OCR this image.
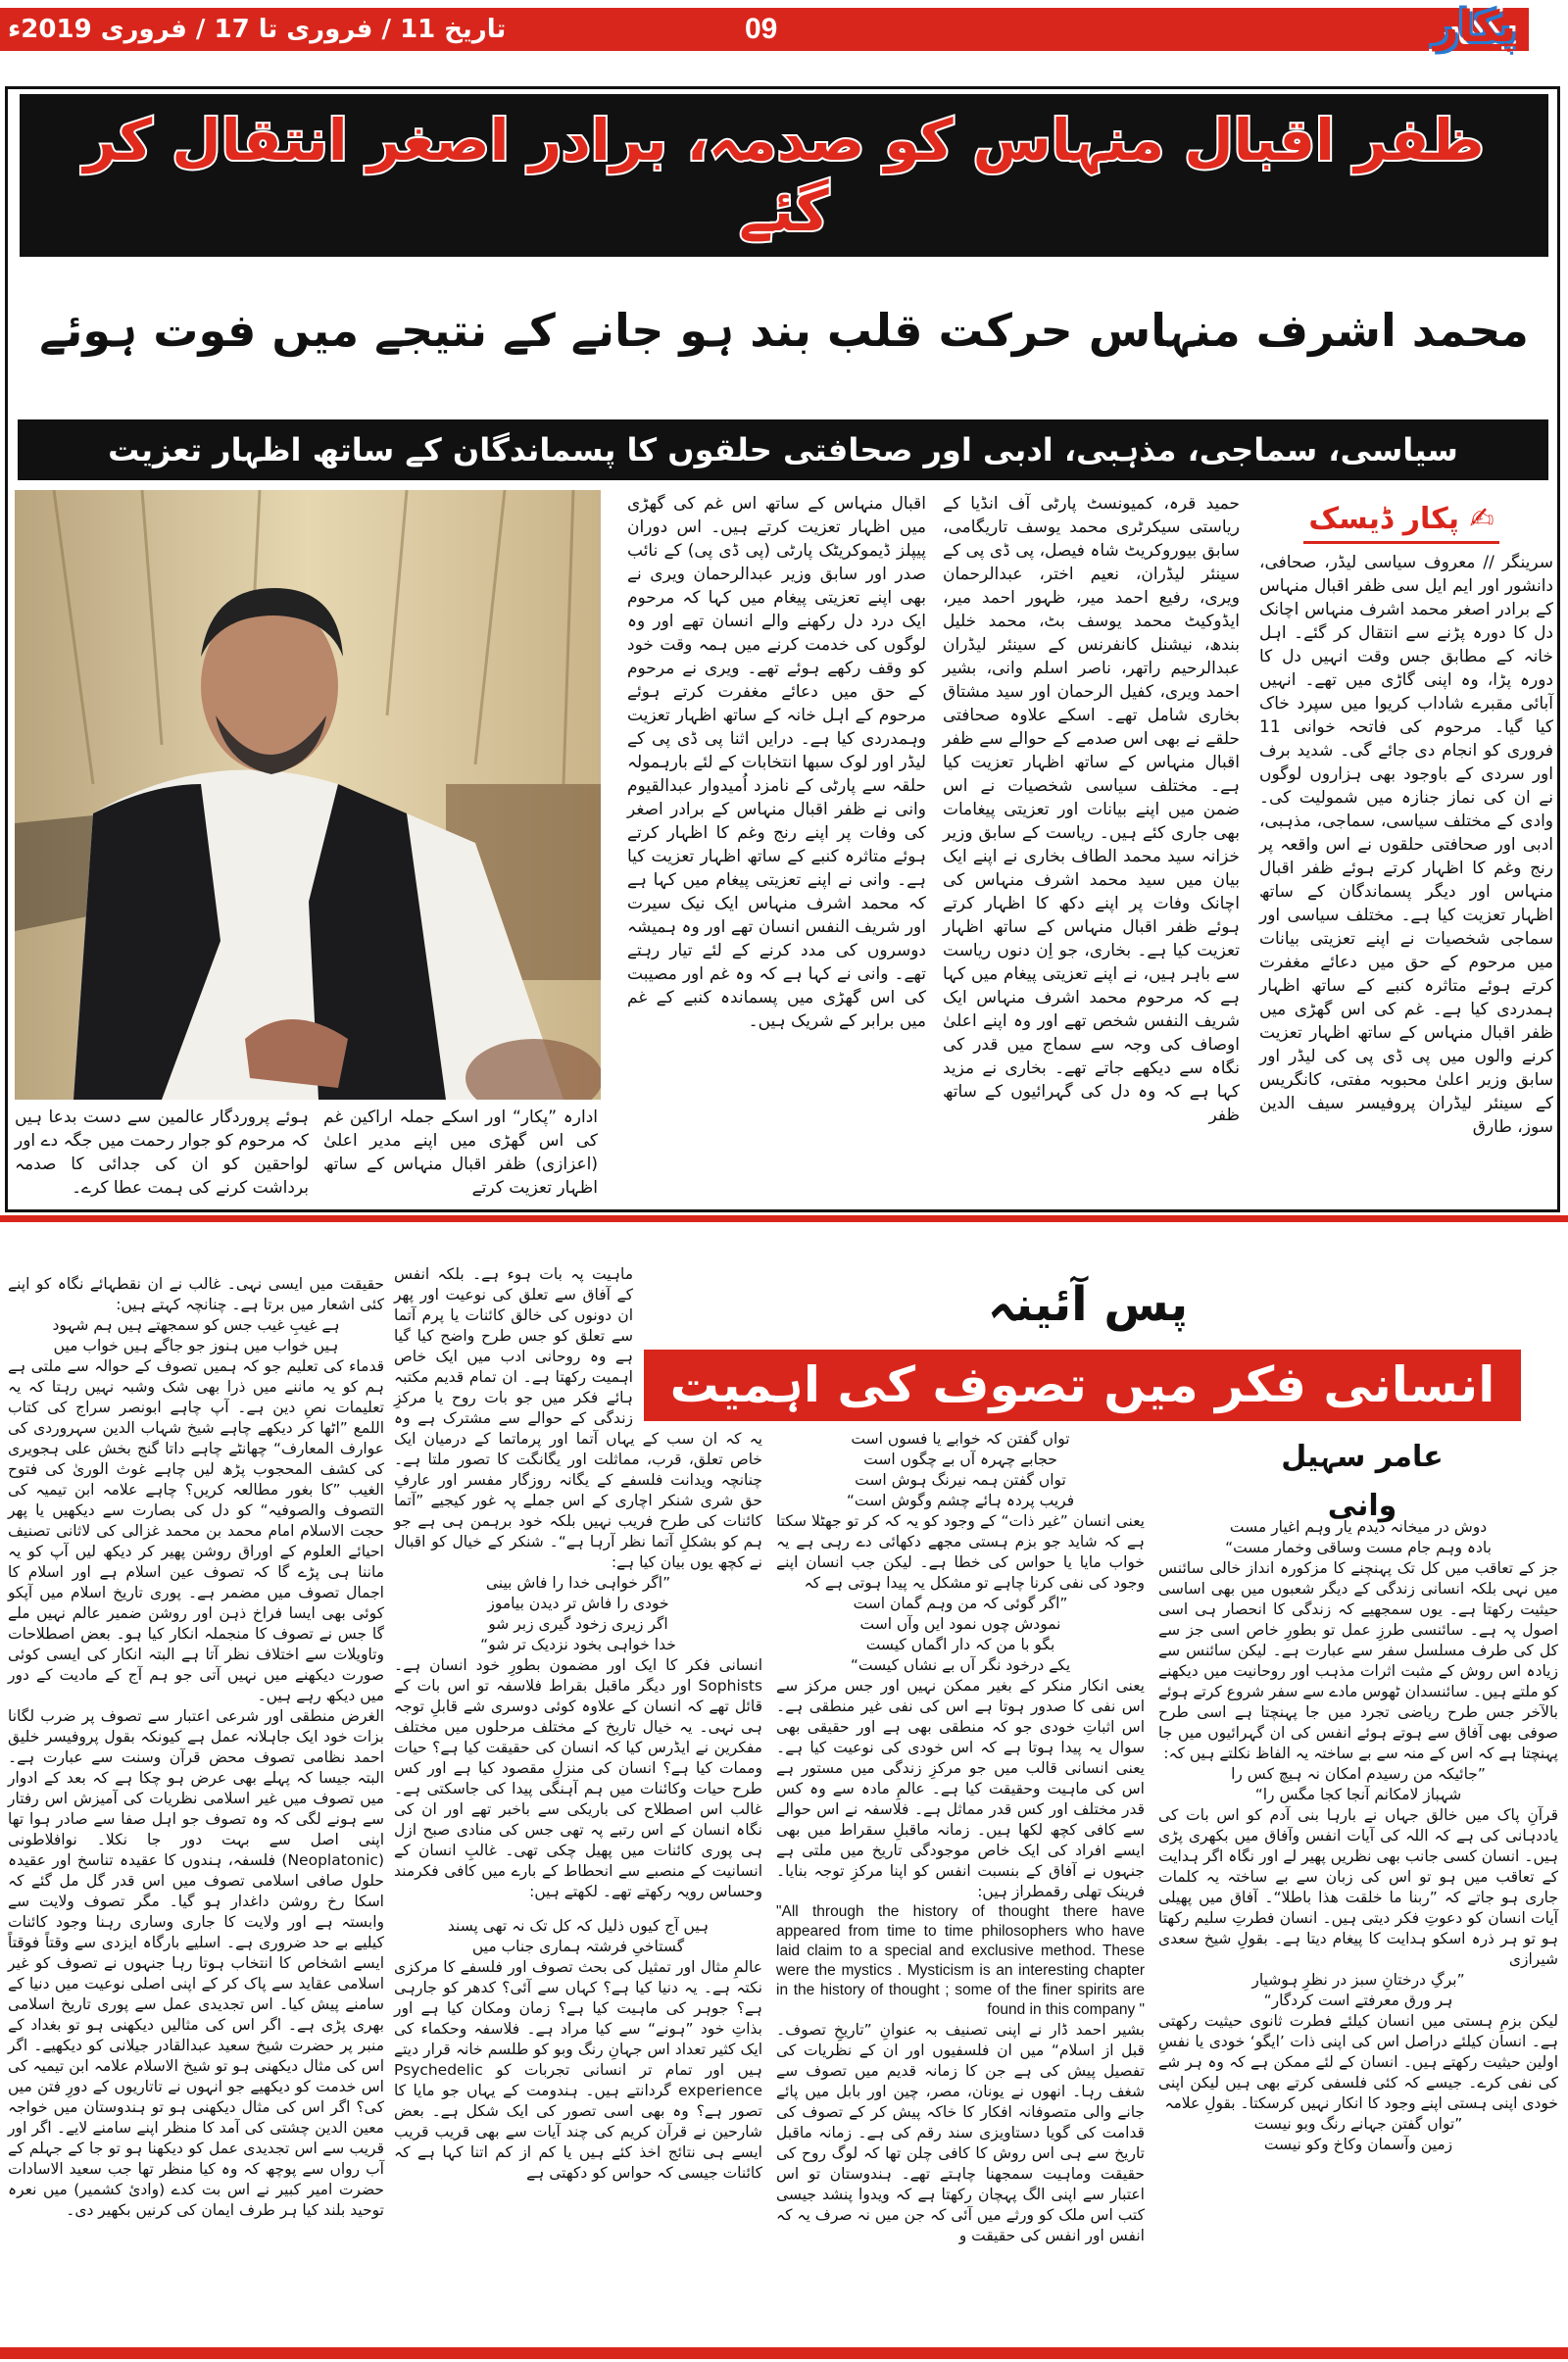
تاریخ 11 / فروری تا 17 / فروری 2019ء	09	پکار
ظفر اقبال منہاس کو صدمہ، برادر اصغر انتقال کر گئے
محمد اشرف منہاس حرکت قلب بند ہو جانے کے نتیجے میں فوت ہوئے
سیاسی، سماجی، مذہبی، ادبی اور صحافتی حلقوں کا پسماندگان کے ساتھ اظہار تعزیت
ادارہ ”پکار“ اور اسکے جملہ اراکین غم کی اس گھڑی میں اپنے مدیر اعلیٰ (اعزازی) ظفر اقبال منہاس کے ساتھ اظہار تعزیت کرتے
ہوئے پروردگار عالمین سے دست بدعا ہیں کہ مرحوم کو جوار رحمت میں جگہ دے اور لواحقین کو ان کی جدائی کا صدمہ برداشت کرنے کی ہمت عطا کرے۔
✍ پکار ڈیسک

سرینگر // معروف سیاسی لیڈر، صحافی، دانشور اور ایم ایل سی ظفر اقبال منہاس کے برادر اصغر محمد اشرف منہاس اچانک دل کا دورہ پڑنے سے انتقال کر گئے۔ اہل خانہ کے مطابق جس وقت انہیں دل کا دورہ پڑا، وہ اپنی گاڑی میں تھے۔ انہیں آبائی مقبرے شاداب کریوا میں سپرد خاک کیا گیا۔ مرحوم کی فاتحہ خوانی 11 فروری کو انجام دی جائے گی۔ شدید برف اور سردی کے باوجود بھی ہزاروں لوگوں نے ان کی نماز جنازہ میں شمولیت کی۔ وادی کے مختلف سیاسی، سماجی، مذہبی، ادبی اور صحافتی حلقوں نے اس واقعہ پر رنج وغم کا اظہار کرتے ہوئے ظفر اقبال منہاس اور دیگر پسماندگان کے ساتھ اظہار تعزیت کیا ہے۔ مختلف سیاسی اور سماجی شخصیات نے اپنے تعزیتی بیانات میں مرحوم کے حق میں دعائے مغفرت کرتے ہوئے متاثرہ کنبے کے ساتھ اظہار ہمدردی کیا ہے۔ غم کی اس گھڑی میں ظفر اقبال منہاس کے ساتھ اظہار تعزیت کرنے والوں میں پی ڈی پی کی لیڈر اور سابق وزیر اعلیٰ محبوبہ مفتی، کانگریس کے سینئر لیڈران پروفیسر سیف الدین سوز، طارق

حمید قرہ، کمیونسٹ پارٹی آف انڈیا کے ریاستی سیکرٹری محمد یوسف تاریگامی، سابق بیوروکریٹ شاہ فیصل، پی ڈی پی کے سینئر لیڈران، نعیم اختر، عبدالرحمان ویری، رفیع احمد میر، ظہور احمد میر، ایڈوکیٹ محمد یوسف بٹ، محمد خلیل بندھ، نیشنل کانفرنس کے سینئر لیڈران عبدالرحیم راتھر، ناصر اسلم وانی، بشیر احمد ویری، کفیل الرحمان اور سید مشتاق بخاری شامل تھے۔ اسکے علاوہ صحافتی حلقے نے بھی اس صدمے کے حوالے سے ظفر اقبال منہاس کے ساتھ اظہار تعزیت کیا ہے۔ مختلف سیاسی شخصیات نے اس ضمن میں اپنے بیانات اور تعزیتی پیغامات بھی جاری کئے ہیں۔ ریاست کے سابق وزیر خزانہ سید محمد الطاف بخاری نے اپنے ایک بیان میں سید محمد اشرف منہاس کی اچانک وفات پر اپنے دکھ کا اظہار کرتے ہوئے ظفر اقبال منہاس کے ساتھ اظہار تعزیت کیا ہے۔ بخاری، جو اِن دنوں ریاست سے باہر ہیں، نے اپنے تعزیتی پیغام میں کہا ہے کہ مرحوم محمد اشرف منہاس ایک شریف النفس شخص تھے اور وہ اپنے اعلیٰ اوصاف کی وجہ سے سماج میں قدر کی نگاہ سے دیکھے جاتے تھے۔ بخاری نے مزید کہا ہے کہ وہ دل کی گہرائیوں کے ساتھ ظفر

اقبال منہاس کے ساتھ اس غم کی گھڑی میں اظہار تعزیت کرتے ہیں۔ اس دوران پیپلز ڈیموکریٹک پارٹی (پی ڈی پی) کے نائب صدر اور سابق وزیر عبدالرحمان ویری نے بھی اپنے تعزیتی پیغام میں کہا کہ مرحوم ایک درد دل رکھنے والے انسان تھے اور وہ لوگوں کی خدمت کرنے میں ہمہ وقت خود کو وقف رکھے ہوئے تھے۔ ویری نے مرحوم کے حق میں دعائے مغفرت کرتے ہوئے مرحوم کے اہل خانہ کے ساتھ اظہار تعزیت وہمدردی کیا ہے۔ درایں اثنا پی ڈی پی کے لیڈر اور لوک سبھا انتخابات کے لئے بارہمولہ حلقہ سے پارٹی کے نامزد اُمیدوار عبدالقیوم وانی نے ظفر اقبال منہاس کے برادر اصغر کی وفات پر اپنے رنج وغم کا اظہار کرتے ہوئے متاثرہ کنبے کے ساتھ اظہار تعزیت کیا ہے۔ وانی نے اپنے تعزیتی پیغام میں کہا ہے کہ محمد اشرف منہاس ایک نیک سیرت اور شریف النفس انسان تھے اور وہ ہمیشہ دوسروں کی مدد کرنے کے لئے تیار رہتے تھے۔ وانی نے کہا ہے کہ وہ غم اور مصیبت کی اس گھڑی میں پسماندہ کنبے کے غم میں برابر کے شریک ہیں۔

پس آئینہ
انسانی فکر میں تصوف کی اہمیت
عامر سہیل وانی
دوش در میخانہ دیدم یار وہم اغیار مست
بادہ وہم جام مست وساقی وخمار مست“

جز کے تعاقب میں کل تک پہنچنے کا مزکورہ انداز خالی سائنس میں نہی بلکہ انسانی زندگی کے دیگر شعبوں میں بھی اساسی حیثیت رکھتا ہے۔ یوں سمجھیے کہ زندگی کا انحصار ہی اسی اصول پہ ہے۔ سائنسی طرزِ عمل تو بطورِ خاص اسی جز سے کل کی طرف مسلسل سفر سے عبارت ہے۔ لیکن سائنس سے زیادہ اس روش کے مثبت اثرات مذہب اور روحانیت میں دیکھنے کو ملتے ہیں۔ سائنسدان ٹھوس مادے سے سفر شروع کرتے ہوئے بالآخر جس طرح ریاضی تجرد میں جا پہنچتا ہے اسی طرح صوفی بھی آفاق سے ہوتے ہوئے انفس کی ان گہرائیوں میں جا پہنچتا ہے کہ اس کے منہ سے بے ساختہ یہ الفاظ نکلتے ہیں کہ:

”جائیکہ من رسیدم امکان نہ ہیچ کس را
شہباز لامکانم آنجا کجا مگس را“

قرآنِ پاک میں خالق جہاں نے بارہا بنی آدم کو اس بات کی یاددہانی کی ہے کہ اللہ کی آیات انفس وآفاق میں بکھری پڑی ہیں۔ انسان کسی جانب بھی نظریں پھیر لے اور نگاہ اگر ہدایت کے تعاقب میں ہو تو اس کی زبان سے بے ساختہ یہ کلمات جاری ہو جاتے کہ ”ربنا ما خلقت ھذا باطلا“۔ آفاق میں پھیلی آیات انسان کو دعوتِ فکر دیتی ہیں۔ انسان فطرتِ سلیم رکھتا ہو تو ہر ذرہ اسکو ہدایت کا پیغام دیتا ہے۔ بقولِ شیخ سعدی شیرازی

”برگِ درختانِ سبز در نظرِ ہوشیار
ہر ورق معرفتے است کردگار“

لیکن بزمِ ہستی میں انسان کیلئے فطرت ثانوی حیثیت رکھتی ہے۔ انسان کیلئے دراصل اس کی اپنی ذات ’ایگو‘ خودی یا نفسِ اولین حیثیت رکھتے ہیں۔ انسان کے لئے ممکن ہے کہ وہ ہر شے کی نفی کرے۔ جیسے کہ کئی فلسفی کرتے بھی ہیں لیکن اپنی خودی اپنی ہستی اپنے وجود کا انکار نہیں کرسکتا۔ بقولِ علامہ

”تواں گفتن جہانے رنگ وبو نیست
زمین وآسمان وکاخ وکو نیست
تواں گفتن کہ خوابے یا فسوں است
حجابے چہرہ آں بے چگوں است
تواں گفتن ہمہ نیرنگ ہوش است
فریب پردہ ہائے چشم وگوش است“

یعنی انسان ”غیر ذات“ کے وجود کو یہ کہ کر تو جھٹلا سکتا ہے کہ شاید جو بزم ہستی مجھے دکھائی دے رہی ہے یہ خواب مایا یا حواس کی خطا ہے۔ لیکن جب انسان اپنے وجود کی نفی کرنا چاہے تو مشکل یہ پیدا ہوتی ہے کہ

”اگر گوئی کہ من وہم گمان است
نمودش چوں نمود ایں وآں است
بگو با من کہ دار اگماں کیست
یکے درخود نگر آں بے نشاں کیست“

یعنی انکار منکر کے بغیر ممکن نہیں اور جس مرکز سے اس نفی کا صدور ہوتا ہے اس کی نفی غیر منطقی ہے۔ اس اثباتِ خودی جو کہ منطقی بھی ہے اور حقیقی بھی سوال یہ پیدا ہوتا ہے کہ اس خودی کی نوعیت کیا ہے۔ یعنی انسانی قالب میں جو مرکزِ زندگی میں مستور ہے اس کی ماہیت وحقیقت کیا ہے۔ عالمِ مادہ سے وہ کس قدر مختلف اور کس قدر مماثل ہے۔ فلاسفہ نے اس حوالے سے کافی کچھ لکھا ہیں۔ زمانہ ماقبلِ سقراط میں بھی ایسے افراد کی ایک خاص موجودگی تاریخ میں ملتی ہے جنہوں نے آفاق کے بنسبت انفس کو اپنا مرکزِ توجہ بنایا۔ فرینک تھلی رقمطراز ہیں:

"All through the history of thought there have appeared from time to time philosophers who have laid claim to a special and exclusive method. These were the mystics . Mysticism is an interesting chapter in the history of thought ; some of the finer spirits are found in this company "

بشیر احمد ڈار نے اپنی تصنیف بہ عنوانِ ”تاریخِ تصوف۔ قبل از اسلام“ میں ان فلسفیوں اور ان کے نظریات کی تفصیل پیش کی ہے جن کا زمانہ قدیم میں تصوف سے شغف رہا۔ انھوں نے یونان، مصر، چین اور بابل میں پائے جانے والی متصوفانہ افکار کا خاکہ پیش کر کے تصوف کی قدامت کی گویا دستاویزی سند رقم کی ہے۔ زمانہ ماقبل تاریخ سے ہی اس روش کا کافی چلن تھا کہ لوگ روح کی حقیقت وماہیت سمجھنا چاہتے تھے۔ ہندوستان تو اس اعتبار سے اپنی الگ پہچان رکھتا ہے کہ ویدوا پنشد جیسی کتب اس ملک کو ورثے میں آئی کہ جن میں نہ صرف یہ کہ انفس اور انفس کی حقیقت و

ماہیت پہ بات ہوء ہے۔ بلکہ انفس کے آفاق سے تعلق کی نوعیت اور پھر ان دونوں کی خالق کائنات یا پرم آتما سے تعلق کو جس طرح واضح کیا گیا ہے وہ روحانی ادب میں ایک خاص اہمیت رکھتا ہے۔ ان تمام قدیم مکتبہ ہائے فکر میں جو بات روح یا مرکزِ زندگی کے حوالے سے مشترک ہے وہ یہ کہ ان سب کے یہاں آتما اور پرماتما کے درمیان ایک خاص تعلق، قرب، مماثلت اور یگانگت کا تصور ملتا ہے۔ چنانچہ ویدانت فلسفے کے یگانہ روزگار مفسر اور عارفِ حق شری شنکر اچاری کے اس جملے پہ غور کیجیے ”آتما کائنات کی طرح فریب نہیں بلکہ خود برہمن ہی ہے جو ہم کو بشکلِ آتما نظر آرہا ہے“۔ شنکر کے خیال کو اقبال نے کچھ یوں بیان کیا ہے:

”اگر خواہی خدا را فاش بینی
خودی را فاش تر دیدن بیاموز
اگر زیری زخود گیری زبر شو
خدا خواہی بخود نزدیک تر شو“

انسانی فکر کا ایک اور مضمون بطورِ خود انسان ہے۔ Sophists اور دیگر ماقبل بقراط فلاسفہ تو اس بات کے قائل تھے کہ انسان کے علاوہ کوئی دوسری شے قابلِ توجہ ہی نہی۔ یہ خیال تاریخ کے مختلف مرحلوں میں مختلف مفکرین نے ایڈرس کیا کہ انسان کی حقیقت کیا ہے؟ حیات وممات کیا ہے؟ انسان کی منزلِ مقصود کیا ہے اور کس طرح حیات وکائنات میں ہم آہنگی پیدا کی جاسکتی ہے۔ غالب اس اصطلاح کی باریکی سے باخبر تھے اور ان کی نگاہ انسان کے اس رتبے پہ تھی جس کی منادی صبح ازل ہی پوری کائنات میں پھیل چکی تھی۔ غالبِ انسان کے انسانیت کے منصبے سے انحطاط کے بارے میں کافی فکرمند وحساس رویہ رکھتے تھے۔ لکھتے ہیں:

ہیں آج کیوں ذلیل کہ کل تک نہ تھی پسند
گستاخیِ فرشتہ ہماری جناب میں

عالمِ مثال اور تمثیل کی بحث تصوف اور فلسفے کا مرکزی نکتہ ہے۔ یہ دنیا کیا ہے؟ کہاں سے آئی؟ کدھر کو جارہی ہے؟ جوہر کی ماہیت کیا ہے؟ زمان ومکان کیا ہے اور بذاتِ خود ”ہونے“ سے کیا مراد ہے۔ فلاسفہ وحکماء کی ایک کثیر تعداد اس جہانِ رنگ وبو کو طلسم خانہ قرار دیتے ہیں اور تمام تر انسانی تجربات کو Psychedelic experience گردانتے ہیں۔ ہندومت کے یہاں جو مایا کا تصور ہے؟ وہ بھی اسی تصور کی ایک شکل ہے۔ بعض شارحین نے قرآن کریم کی چند آیات سے بھی قریب قریب ایسے ہی نتائج اخذ کئے ہیں یا کم از کم اتنا کہا ہے کہ کائنات جیسی کہ حواس کو دکھتی ہے

حقیقت میں ایسی نہی۔ غالب نے ان نقطہائے نگاہ کو اپنے کئی اشعار میں برتا ہے۔ چنانچہ کہتے ہیں:

ہے غیبِ غیب جس کو سمجھتے ہیں ہم شہود
ہیں خواب میں ہنوز جو جاگے ہیں خواب میں

قدماء کی تعلیم جو کہ ہمیں تصوف کے حوالہ سے ملتی ہے ہم کو یہ ماننے میں ذرا بھی شک وشبہ نہیں رہتا کہ یہ تعلیمات نصِ دین ہے۔ آپ چاہے ابونصر سراج کی کتاب اللمع ”اٹھا کر دیکھے چاہے شیخ شہاب الدین سہروردی کی عوارف المعارف“ چھانٹے چاہے داتا گنج بخش علی ہجویری کی کشف المحجوب پڑھ لیں چاہے غوث الوریٰ کی فتوح الغیب ”کا بغور مطالعہ کریں؟ چاہے علامہ ابن تیمیہ کی التصوف والصوفیہ“ کو دل کی بصارت سے دیکھیں یا پھر حجت الاسلام امام محمد بن محمد غزالی کی لاثانی تصنیف احیائے العلوم کے اوراق روشن پھیر کر دیکھ لیں آپ کو یہ ماننا ہی پڑے گا کہ تصوف عین اسلام ہے اور اسلام کا اجمال تصوف میں مضمر ہے۔ پوری تاریخ اسلام میں آپکو کوئی بھی ایسا فراخ ذہن اور روشن ضمیر عالم نہیں ملے گا جس نے تصوف کا منجملہ انکار کیا ہو۔ بعض اصطلاحات وتاویلات سے اختلاف نظر آتا ہے البتہ انکار کی ایسی کوئی صورت دیکھنے میں نہیں آتی جو ہم آج کے مادیت کے دور میں دیکھ رہے ہیں۔

الغرض منطقی اور شرعی اعتبار سے تصوف پر ضرب لگانا بزات خود ایک جاہلانہ عمل ہے کیونکہ بقول پروفیسر خلیق احمد نظامی تصوف محض قرآن وسنت سے عبارت ہے۔ البتہ جیسا کہ پہلے بھی عرض ہو چکا ہے کہ بعد کے ادوار میں تصوف میں غیر اسلامی نظریات کی آمیزش اس رفتار سے ہونے لگی کہ وہ تصوف جو اہل صفا سے صادر ہوا تھا اپنی اصل سے بہت دور جا نکلا۔ نوافلاطونی (Neoplatonic) فلسفہ، ہندوں کا عقیدہ تناسخ اور عقیدہ حلول صافی اسلامی تصوف میں اس قدر گل مل گئے کہ اسکا رخ روشن داغدار ہو گیا۔ مگر تصوف ولایت سے وابستہ ہے اور ولایت کا جاری وساری رہنا وجود کائنات کیلیے بے حد ضروری ہے۔ اسلیے بارگاہ ایزدی سے وقتاً فوقتاً ایسے اشخاص کا انتخاب ہوتا رہا جنہوں نے تصوف کو غیر اسلامی عقاید سے پاک کر کے اپنی اصلی نوعیت میں دنیا کے سامنے پیش کیا۔ اس تجدیدی عمل سے پوری تاریخ اسلامی بھری پڑی ہے۔ اگر اس کی مثالیں دیکھنی ہو تو بغداد کے منبر پر حضرت شیخ سعید عبدالقادر جیلانی کو دیکھیے۔ اگر اس کی مثال دیکھنی ہو تو شیخ الاسلام علامہ ابن تیمیہ کی اس خدمت کو دیکھیے جو انہوں نے تاتاریوں کے دورِ فتن میں کی؟ اگر اس کی مثال دیکھنی ہو تو ہندوستان میں خواجہ معین الدین چشتی کی آمد کا منظر اپنے سامنے لایے۔ اگر اور قریب سے اس تجدیدی عمل کو دیکھنا ہو تو جا کے جہلم کے آب رواں سے پوچھ کہ وہ کیا منظر تھا جب سعید الاسادات حضرت امیر کبیر نے اس بت کدے (وادیٔ کشمیر) میں نعرہ توحید بلند کیا ہر طرف ایمان کی کرنیں بکھیر دی۔
